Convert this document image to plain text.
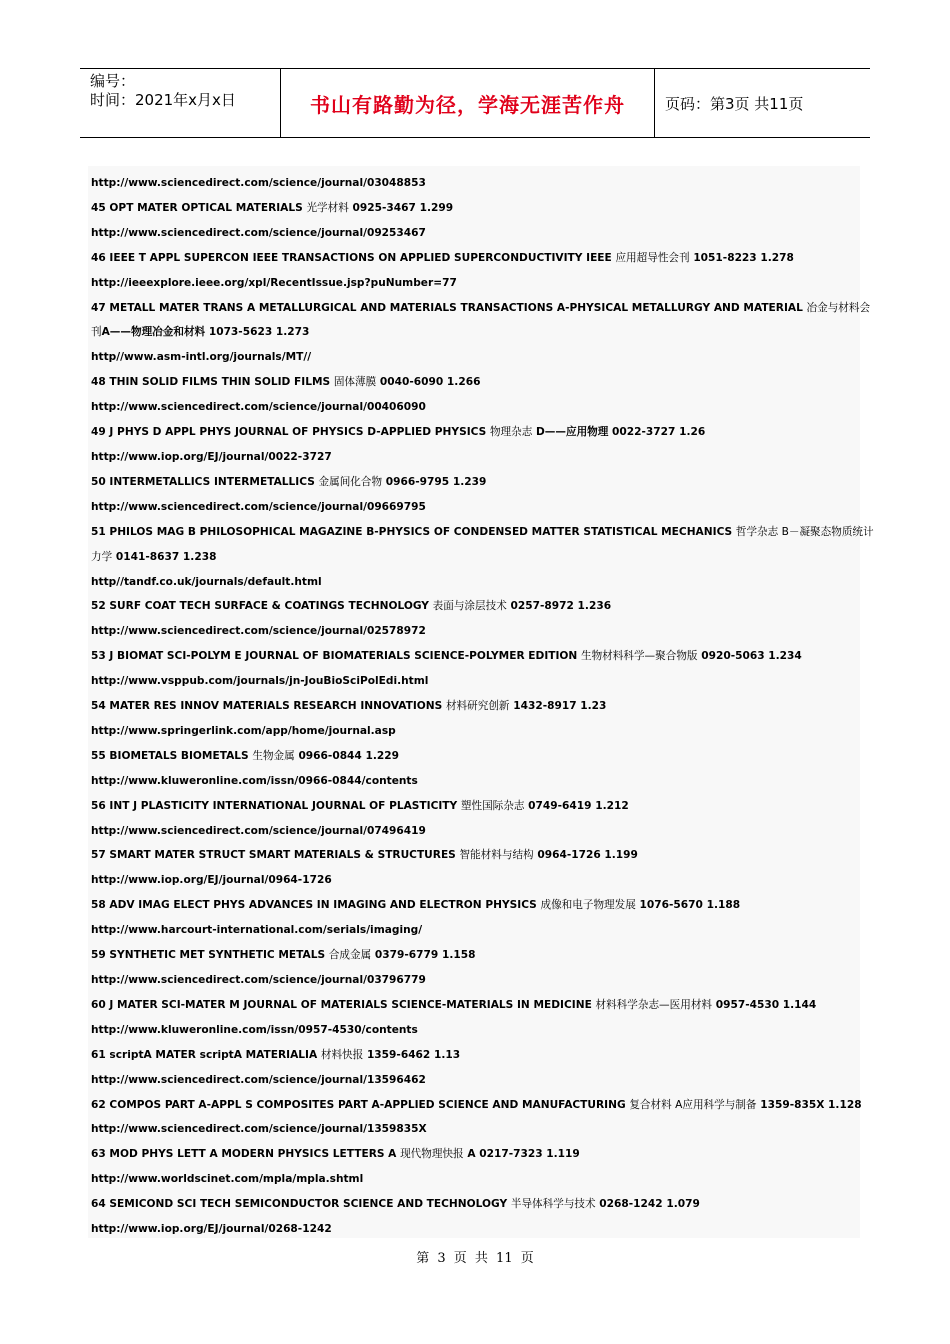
编号：
时间：2021年x月x日	书山有路勤为径，学海无涯苦作舟	页码：第3页 共11页
http://www.sciencedirect.com/science/journal/03048853
45 OPT MATER OPTICAL MATERIALS 光学材料 0925-3467 1.299
http://www.sciencedirect.com/science/journal/09253467
46 IEEE T APPL SUPERCON IEEE TRANSACTIONS ON APPLIED SUPERCONDUCTIVITY IEEE 应用超导性会刊 1051-8223 1.278
http://ieeexplore.ieee.org/xpl/RecentIssue.jsp?puNumber=77
47 METALL MATER TRANS A METALLURGICAL AND MATERIALS TRANSACTIONS A-PHYSICAL METALLURGY AND MATERIAL 冶金与材料会
刊A——物理冶金和材料 1073-5623 1.273
http//www.asm-intl.org/journals/MT//
48 THIN SOLID FILMS THIN SOLID FILMS 固体薄膜 0040-6090 1.266
http://www.sciencedirect.com/science/journal/00406090
49 J PHYS D APPL PHYS JOURNAL OF PHYSICS D-APPLIED PHYSICS 物理杂志 D——应用物理 0022-3727 1.26
http://www.iop.org/EJ/journal/0022-3727
50 INTERMETALLICS INTERMETALLICS 金属间化合物 0966-9795 1.239
http://www.sciencedirect.com/science/journal/09669795
51 PHILOS MAG B PHILOSOPHICAL MAGAZINE B-PHYSICS OF CONDENSED MATTER STATISTICAL MECHANICS 哲学杂志 B－凝聚态物质统计
力学 0141-8637 1.238
http//tandf.co.uk/journals/default.html
52 SURF COAT TECH SURFACE & COATINGS TECHNOLOGY 表面与涂层技术 0257-8972 1.236
http://www.sciencedirect.com/science/journal/02578972
53 J BIOMAT SCI-POLYM E JOURNAL OF BIOMATERIALS SCIENCE-POLYMER EDITION 生物材料科学—聚合物版 0920-5063 1.234
http://www.vsppub.com/journals/jn-JouBioSciPolEdi.html
54 MATER RES INNOV MATERIALS RESEARCH INNOVATIONS 材料研究创新 1432-8917 1.23
http://www.springerlink.com/app/home/journal.asp
55 BIOMETALS BIOMETALS 生物金属 0966-0844 1.229
http://www.kluweronline.com/issn/0966-0844/contents
56 INT J PLASTICITY INTERNATIONAL JOURNAL OF PLASTICITY 塑性国际杂志 0749-6419 1.212
http://www.sciencedirect.com/science/journal/07496419
57 SMART MATER STRUCT SMART MATERIALS & STRUCTURES 智能材料与结构 0964-1726 1.199
http://www.iop.org/EJ/journal/0964-1726
58 ADV IMAG ELECT PHYS ADVANCES IN IMAGING AND ELECTRON PHYSICS 成像和电子物理发展 1076-5670 1.188
http://www.harcourt-international.com/serials/imaging/
59 SYNTHETIC MET SYNTHETIC METALS 合成金属 0379-6779 1.158
http://www.sciencedirect.com/science/journal/03796779
60 J MATER SCI-MATER M JOURNAL OF MATERIALS SCIENCE-MATERIALS IN MEDICINE 材料科学杂志—医用材料 0957-4530 1.144
http://www.kluweronline.com/issn/0957-4530/contents
61 scriptA MATER scriptA MATERIALIA 材料快报 1359-6462 1.13
http://www.sciencedirect.com/science/journal/13596462
62 COMPOS PART A-APPL S COMPOSITES PART A-APPLIED SCIENCE AND MANUFACTURING 复合材料 A应用科学与制备 1359-835X 1.128
http://www.sciencedirect.com/science/journal/1359835X
63 MOD PHYS LETT A MODERN PHYSICS LETTERS A 现代物理快报 A 0217-7323 1.119
http://www.worldscinet.com/mpla/mpla.shtml
64 SEMICOND SCI TECH SEMICONDUCTOR SCIENCE AND TECHNOLOGY 半导体科学与技术 0268-1242 1.079
http://www.iop.org/EJ/journal/0268-1242
第 3 页 共 11 页
